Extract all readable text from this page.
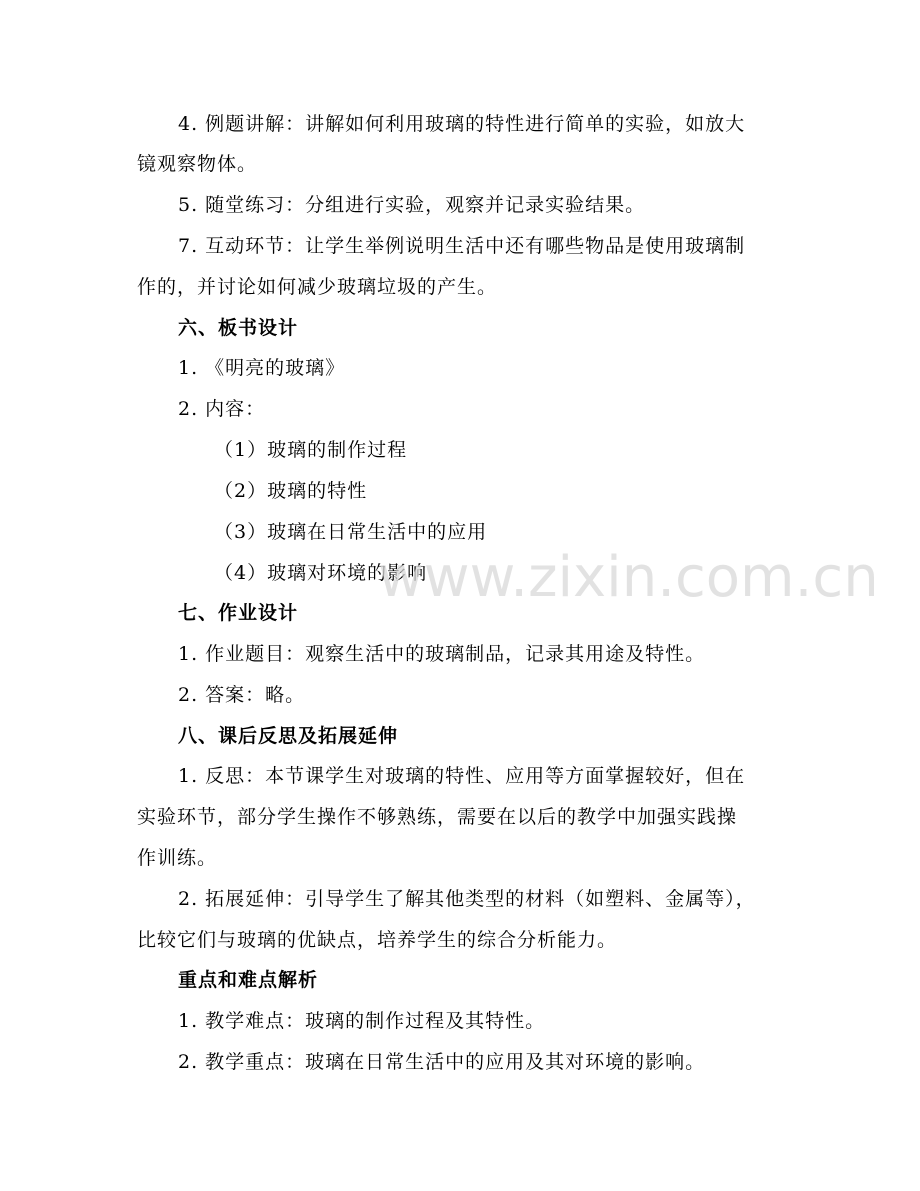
4. 例题讲解：讲解如何利用玻璃的特性进行简单的实验，如放大
镜观察物体。
5. 随堂练习：分组进行实验，观察并记录实验结果。
7. 互动环节：让学生举例说明生活中还有哪些物品是使用玻璃制
作的，并讨论如何减少玻璃垃圾的产生。
六、板书设计
1. 《明亮的玻璃》
2. 内容：
（1）玻璃的制作过程
（2）玻璃的特性
（3）玻璃在日常生活中的应用
（4）玻璃对环境的影响
七、作业设计
1. 作业题目：观察生活中的玻璃制品，记录其用途及特性。
2. 答案：略。
八、课后反思及拓展延伸
1. 反思：本节课学生对玻璃的特性、应用等方面掌握较好，但在
实验环节，部分学生操作不够熟练，需要在以后的教学中加强实践操
作训练。
2. 拓展延伸：引导学生了解其他类型的材料（如塑料、金属等），
比较它们与玻璃的优缺点，培养学生的综合分析能力。
重点和难点解析
1. 教学难点：玻璃的制作过程及其特性。
2. 教学重点：玻璃在日常生活中的应用及其对环境的影响。
www.zixin.com.cn
